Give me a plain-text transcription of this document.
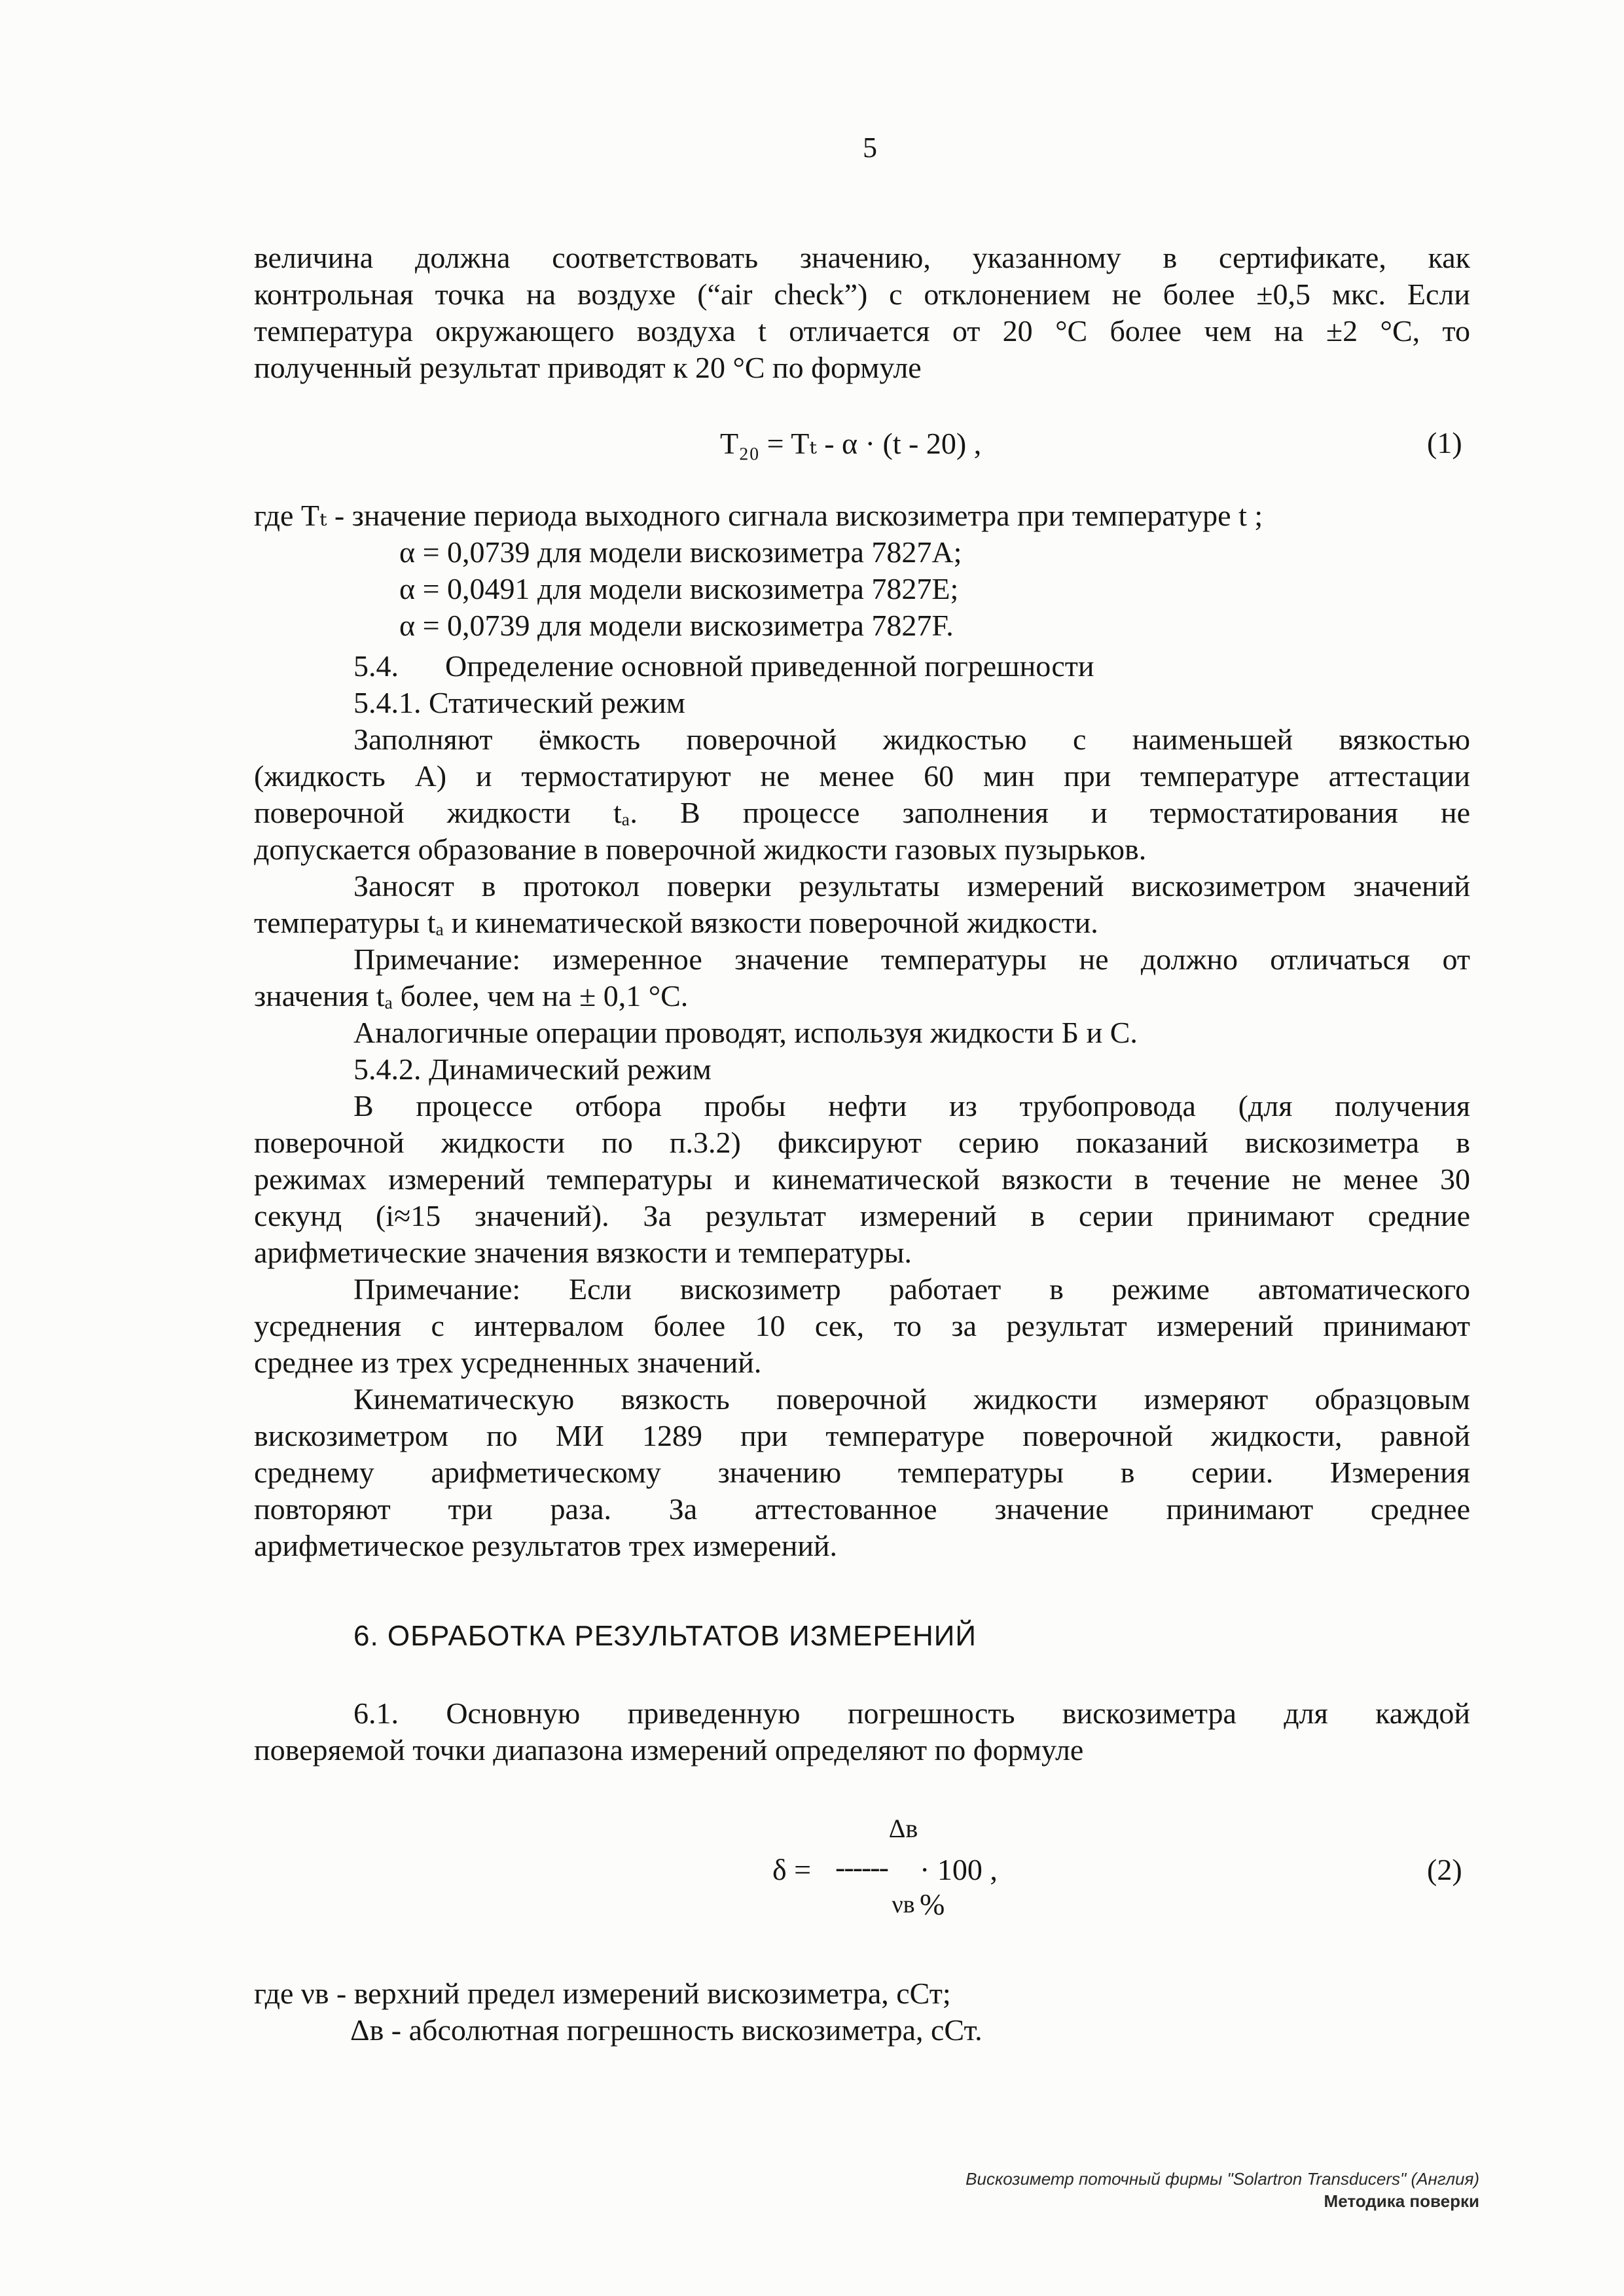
5
величина должна соответствовать значению, указанному в сертификате, как
контрольная точка на воздухе (“air check”) с отклонением не более ±0,5 мкс. Если
температура окружающего воздуха t отличается от 20 °С более чем на ±2 °С, то
полученный результат приводят к 20 °С по формуле
T₂₀ = Tₜ - α · (t - 20) ,	(1)
где Tₜ - значение периода выходного сигнала вискозиметра при температуре t ;
α = 0,0739 для модели вискозиметра 7827А;
α = 0,0491 для модели вискозиметра 7827Е;
α = 0,0739 для модели вискозиметра 7827F.
5.4. Определение основной приведенной погрешности
5.4.1. Статический режим
Заполняют ёмкость поверочной жидкостью с наименьшей вязкостью
(жидкость А) и термостатируют не менее 60 мин при температуре аттестации
поверочной жидкости tₐ. В процессе заполнения и термостатирования не
допускается образование в поверочной жидкости газовых пузырьков.
Заносят в протокол поверки результаты измерений вискозиметром значений
температуры tₐ и кинематической вязкости поверочной жидкости.
Примечание: измеренное значение температуры не должно отличаться от
значения tₐ более, чем на ± 0,1 °С.
Аналогичные операции проводят, используя жидкости Б и С.
5.4.2. Динамический режим
В процессе отбора пробы нефти из трубопровода (для получения
поверочной жидкости по п.3.2) фиксируют серию показаний вискозиметра в
режимах измерений температуры и кинематической вязкости в течение не менее 30
секунд (i≈15 значений). За результат измерений в серии принимают средние
арифметические значения вязкости и температуры.
Примечание: Если вискозиметр работает в режиме автоматического
усреднения с интервалом более 10 сек, то за результат измерений принимают
среднее из трех усредненных значений.
Кинематическую вязкость поверочной жидкости измеряют образцовым
вискозиметром по МИ 1289 при температуре поверочной жидкости, равной
среднему арифметическому значению температуры в серии. Измерения
повторяют три раза. За аттестованное значение принимают среднее
арифметическое результатов трех измерений.
6. ОБРАБОТКА РЕЗУЛЬТАТОВ ИЗМЕРЕНИЙ
6.1. Основную приведенную погрешность вискозиметра для каждой
поверяемой точки диапазона измерений определяют по формуле
Δв
δ = ------ · 100 , %
νв
(2)
где νв - верхний предел измерений вискозиметра, сСт;
Δв - абсолютная погрешность вискозиметра, сСт.
Вискозиметр поточный фирмы "Solartron Transducers" (Англия)
Методика поверки
